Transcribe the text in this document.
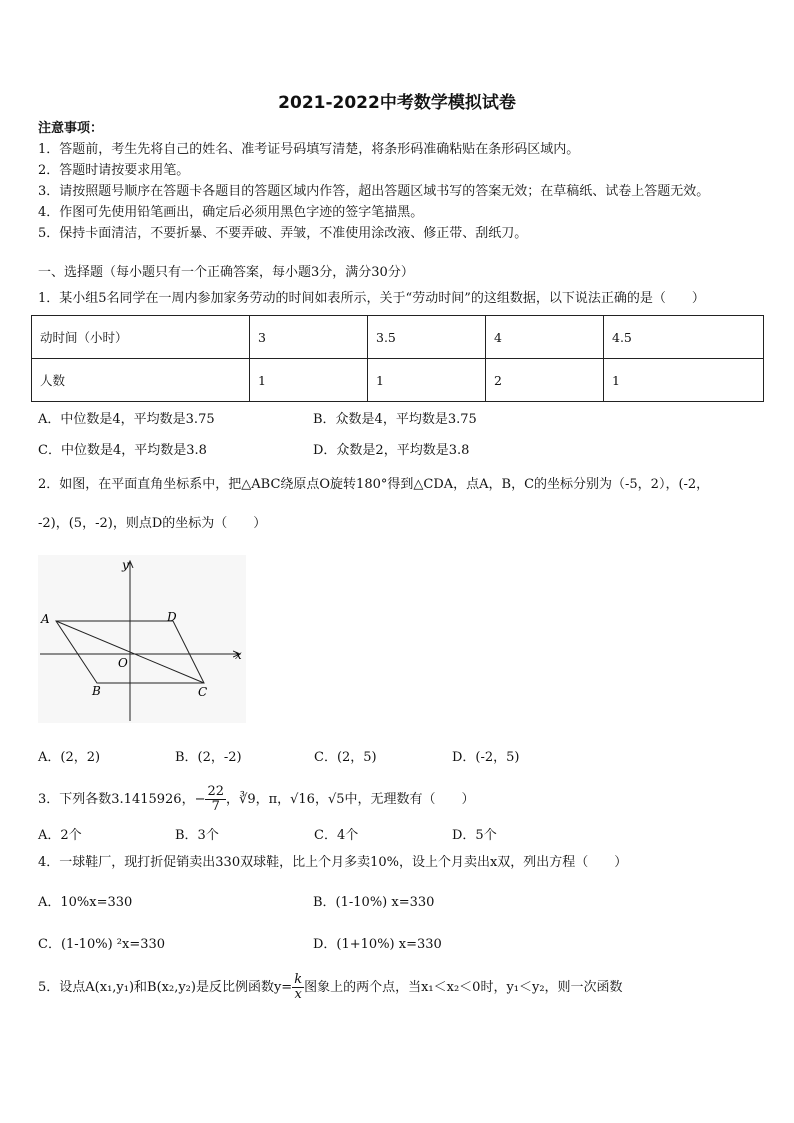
2021-2022中考数学模拟试卷
注意事项：
1．答题前，考生先将自己的姓名、准考证号码填写清楚，将条形码准确粘贴在条形码区域内。
2．答题时请按要求用笔。
3．请按照题号顺序在答题卡各题目的答题区域内作答，超出答题区域书写的答案无效；在草稿纸、试卷上答题无效。
4．作图可先使用铅笔画出，确定后必须用黑色字迹的签字笔描黑。
5．保持卡面清洁，不要折暴、不要弄破、弄皱，不准使用涂改液、修正带、刮纸刀。
一、选择题（每小题只有一个正确答案，每小题3分，满分30分）
1．某小组5名同学在一周内参加家务劳动的时间如表所示，关于“劳动时间”的这组数据，以下说法正确的是（　　）
动时间（小时）	3	3.5	4	4.5
人数	1	1	2	1
A．中位数是4，平均数是3.75	B．众数是4，平均数是3.75
C．中位数是4，平均数是3.8	D．众数是2，平均数是3.8
2．如图，在平面直角坐标系中，把△ABC绕原点O旋转180°得到△CDA，点A，B，C的坐标分别为（-5，2），(-2，
-2)，(5，-2)，则点D的坐标为（　　）
y
x
A	D
O
B	C
A．(2，2)	B．(2，-2)	C．(2，5)	D．(-2，5)
3．下列各数3.1415926，− $\frac{22}{7}$ ，∛9，π，√16，√5中，无理数有（　　）
A．2个	B．3个	C．4个	D．5个
4．一球鞋厂，现打折促销卖出330双球鞋，比上个月多卖10%，设上个月卖出x双，列出方程（　　）
A．10%x=330	B．(1-10%) x=330
C．(1-10%) ²x=330	D．(1+10%) x=330
5．设点A(x₁,y₁)和B(x₂,y₂)是反比例函数$y= \frac{k}{x}$ 图象上的两个点，当x₁＜x₂＜0时，y₁＜y₂，则一次函数
